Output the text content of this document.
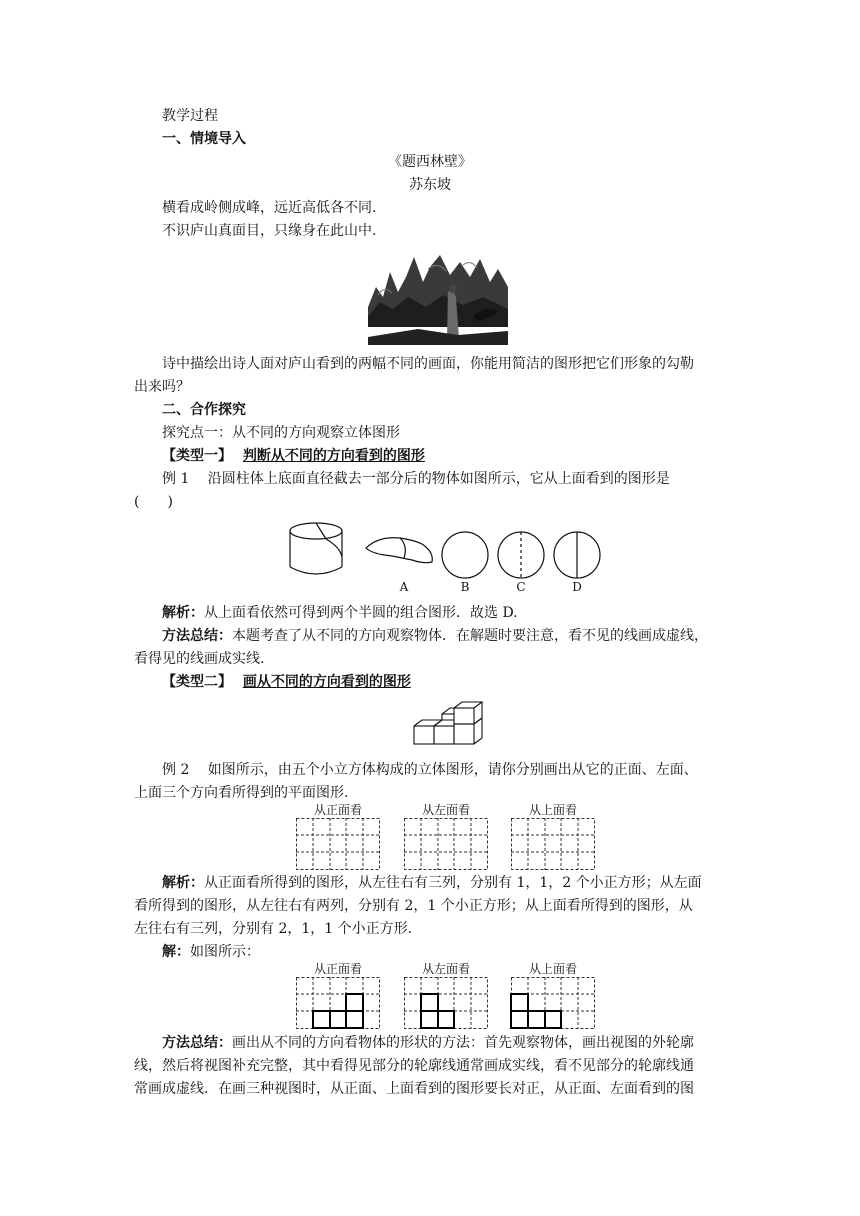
教学过程
一、情境导入
《题西林壁》
苏东坡
横看成岭侧成峰，远近高低各不同.
不识庐山真面目，只缘身在此山中.
诗中描绘出诗人面对庐山看到的两幅不同的画面，你能用简洁的图形把它们形象的勾勒
出来吗？
二、合作探究
探究点一：从不同的方向观察立体图形
【类型一】 判断从不同的方向看到的图形
例 1　 沿圆柱体上底面直径截去一部分后的物体如图所示，它从上面看到的图形是
(　　)
A	B	C	D
解析：从上面看依然可得到两个半圆的组合图形．故选 D.
方法总结：本题考查了从不同的方向观察物体．在解题时要注意，看不见的线画成虚线，
看得见的线画成实线.
【类型二】 画从不同的方向看到的图形
例 2　 如图所示，由五个小立方体构成的立体图形，请你分别画出从它的正面、左面、
上面三个方向看所得到的平面图形.
从正面看	从左面看	从上面看
解析：从正面看所得到的图形，从左往右有三列，分别有 1，1，2 个小正方形；从左面
看所得到的图形，从左往右有两列，分别有 2，1 个小正方形；从上面看所得到的图形，从
左往右有三列，分别有 2，1，1 个小正方形.
解：如图所示：
从正面看	从左面看	从上面看
方法总结：画出从不同的方向看物体的形状的方法：首先观察物体，画出视图的外轮廓
线，然后将视图补充完整，其中看得见部分的轮廓线通常画成实线，看不见部分的轮廓线通
常画成虚线．在画三种视图时，从正面、上面看到的图形要长对正，从正面、左面看到的图
